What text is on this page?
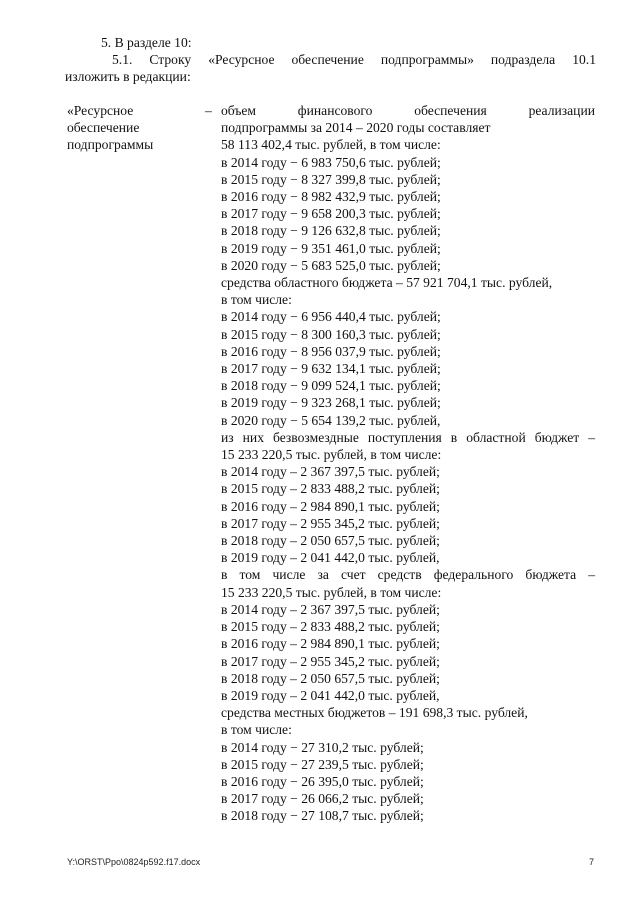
5. В разделе 10:
5.1. Строку «Ресурсное обеспечение подпрограммы» подраздела 10.1
изложить в редакции:
«Ресурсное
обеспечение
подпрограммы
– объем финансового обеспечения реализации
подпрограммы за 2014 – 2020 годы составляет
58 113 402,4 тыс. рублей, в том числе:
в 2014 году − 6 983 750,6 тыс. рублей;
в 2015 году − 8 327 399,8 тыс. рублей;
в 2016 году − 8 982 432,9 тыс. рублей;
в 2017 году − 9 658 200,3 тыс. рублей;
в 2018 году − 9 126 632,8 тыс. рублей;
в 2019 году − 9 351 461,0 тыс. рублей;
в 2020 году − 5 683 525,0 тыс. рублей;
средства областного бюджета – 57 921 704,1 тыс. рублей,
в том числе:
в 2014 году − 6 956 440,4 тыс. рублей;
в 2015 году − 8 300 160,3 тыс. рублей;
в 2016 году − 8 956 037,9 тыс. рублей;
в 2017 году − 9 632 134,1 тыс. рублей;
в 2018 году − 9 099 524,1 тыс. рублей;
в 2019 году − 9 323 268,1 тыс. рублей;
в 2020 году − 5 654 139,2 тыс. рублей,
из них безвозмездные поступления в областной бюджет –
15 233 220,5 тыс. рублей, в том числе:
в 2014 году – 2 367 397,5 тыс. рублей;
в 2015 году – 2 833 488,2 тыс. рублей;
в 2016 году – 2 984 890,1 тыс. рублей;
в 2017 году – 2 955 345,2 тыс. рублей;
в 2018 году – 2 050 657,5 тыс. рублей;
в 2019 году – 2 041 442,0 тыс. рублей,
в том числе за счет средств федерального бюджета –
15 233 220,5 тыс. рублей, в том числе:
в 2014 году – 2 367 397,5 тыс. рублей;
в 2015 году – 2 833 488,2 тыс. рублей;
в 2016 году – 2 984 890,1 тыс. рублей;
в 2017 году – 2 955 345,2 тыс. рублей;
в 2018 году – 2 050 657,5 тыс. рублей;
в 2019 году – 2 041 442,0 тыс. рублей,
средства местных бюджетов – 191 698,3 тыс. рублей,
в том числе:
в 2014 году − 27 310,2 тыс. рублей;
в 2015 году − 27 239,5 тыс. рублей;
в 2016 году − 26 395,0 тыс. рублей;
в 2017 году − 26 066,2 тыс. рублей;
в 2018 году − 27 108,7 тыс. рублей;
Y:\ORST\Ppo\0824p592.f17.docx	7
